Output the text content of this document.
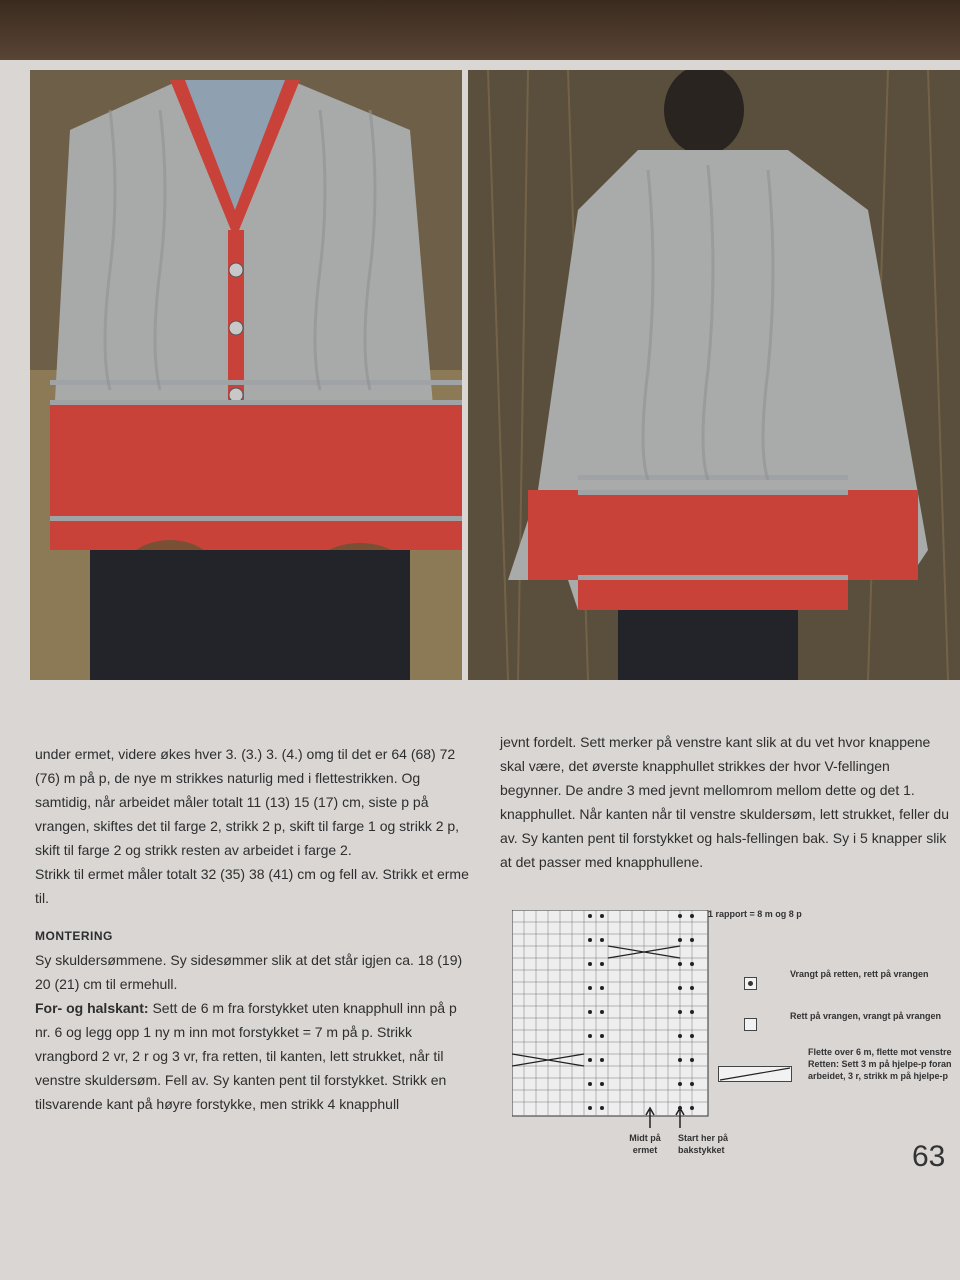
under ermet, videre økes hver 3. (3.) 3. (4.) omg til det er 64 (68) 72 (76) m på p, de nye m strikkes naturlig med i flettestrikken. Og samtidig, når arbeidet måler totalt 11 (13) 15 (17) cm, siste p på vrangen, skiftes det til farge 2, strikk 2 p, skift til farge 1 og strikk 2 p, skift til farge 2 og strikk resten av arbeidet i farge 2.

Strikk til ermet måler totalt 32 (35) 38 (41) cm og fell av. Strikk et erme til.

MONTERING

Sy skuldersømmene. Sy sidesømmer slik at det står igjen ca. 18 (19) 20 (21) cm til ermehull.

For- og halskant: Sett de 6 m fra forstykket uten knapphull inn på p nr. 6 og legg opp 1 ny m inn mot forstykket = 7 m på p. Strikk vrangbord 2 vr, 2 r og 3 vr, fra retten, til kanten, lett strukket, når til venstre skuldersøm. Fell av. Sy kanten pent til forstykket. Strikk en tilsvarende kant på høyre forstykke, men strikk 4 knapphull

jevnt fordelt. Sett merker på venstre kant slik at du vet hvor knappene skal være, det øverste knapphullet strikkes der hvor V-fellingen begynner. De andre 3 med jevnt mellomrom mellom dette og det 1. knapphullet. Når kanten når til venstre skuldersøm, lett strukket, feller du av. Sy kanten pent til forstykket og hals-fellingen bak. Sy i 5 knapper slik at det passer med knapphullene.

1 rapport = 8 m og 8 p
Vrangt på retten, rett på vrangen
Rett på vrangen, vrangt på vrangen
Flette over 6 m, flette mot venstre Retten: Sett 3 m på hjelpe-p foran arbeidet, 3 r, strikk m på hjelpe-p
Midt på ermet
Start her på bakstykket	63
